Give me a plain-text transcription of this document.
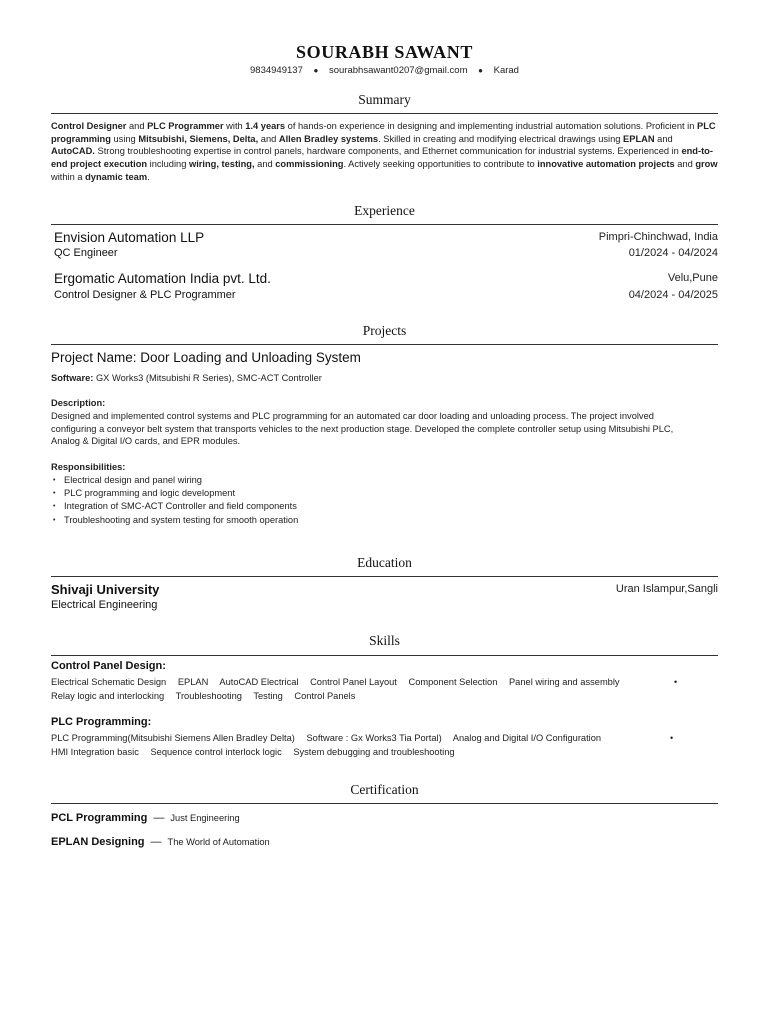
SOURABH SAWANT
9834949137 ● sourabhsawant0207@gmail.com ● Karad
Summary
Control Designer and PLC Programmer with 1.4 years of hands-on experience in designing and implementing industrial automation solutions. Proficient in PLC programming using Mitsubishi, Siemens, Delta, and Allen Bradley systems. Skilled in creating and modifying electrical drawings using EPLAN and AutoCAD. Strong troubleshooting expertise in control panels, hardware components, and Ethernet communication for industrial systems. Experienced in end-to-end project execution including wiring, testing, and commissioning. Actively seeking opportunities to contribute to innovative automation projects and grow within a dynamic team.
Experience
Envision Automation LLP	Pimpri-Chinchwad, India
QC Engineer	01/2024 - 04/2024
Ergomatic Automation India pvt. Ltd.	Velu,Pune
Control Designer & PLC Programmer	04/2024 - 04/2025
Projects
Project Name: Door Loading and Unloading System
Software: GX Works3 (Mitsubishi R Series), SMC-ACT Controller
Description:
Designed and implemented control systems and PLC programming for an automated car door loading and unloading process. The project involved configuring a conveyor belt system that transports vehicles to the next production stage. Developed the complete controller setup using Mitsubishi PLC, Analog & Digital I/O cards, and EPR modules.
Responsibilities:
• Electrical design and panel wiring
• PLC programming and logic development
• Integration of SMC-ACT Controller and field components
• Troubleshooting and system testing for smooth operation
Education
Shivaji University	Uran Islampur,Sangli
Electrical Engineering
Skills
Control Panel Design:
Electrical Schematic Design EPLAN AutoCAD Electrical Control Panel Layout Component Selection Panel wiring and assembly	•
Relay logic and interlocking Troubleshooting Testing Control Panels
PLC Programming:
PLC Programming(Mitsubishi Siemens Allen Bradley Delta) Software : Gx Works3 Tia Portal) Analog and Digital I/O Configuration	•
HMI Integration basic Sequence control interlock logic System debugging and troubleshooting
Certification
PCL Programming — Just Engineering
EPLAN Designing — The World of Automation
